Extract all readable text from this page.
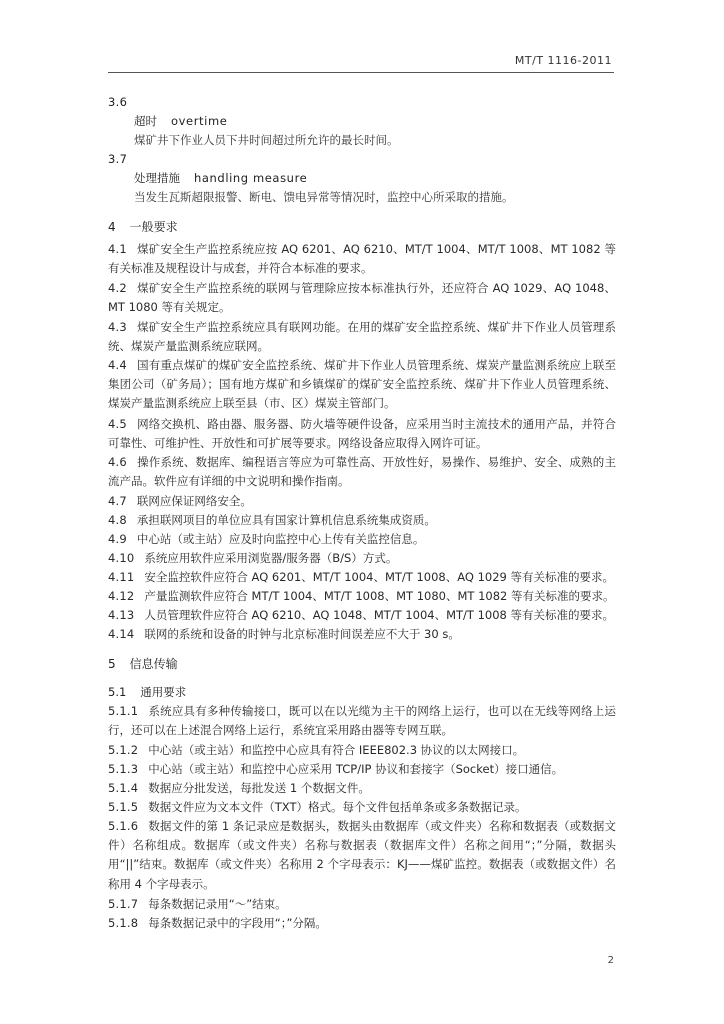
MT/T 1116-2011
3.6
超时 overtime
煤矿井下作业人员下井时间超过所允许的最长时间。
3.7
处理措施 handling measure
当发生瓦斯超限报警、断电、馈电异常等情况时，监控中心所采取的措施。
4 一般要求
4.1 煤矿安全生产监控系统应按 AQ 6201、AQ 6210、MT/T 1004、MT/T 1008、MT 1082 等有关标准及规程设计与成套，并符合本标准的要求。
4.2 煤矿安全生产监控系统的联网与管理除应按本标准执行外，还应符合 AQ 1029、AQ 1048、MT 1080 等有关规定。
4.3 煤矿安全生产监控系统应具有联网功能。在用的煤矿安全监控系统、煤矿井下作业人员管理系统、煤炭产量监测系统应联网。
4.4 国有重点煤矿的煤矿安全监控系统、煤矿井下作业人员管理系统、煤炭产量监测系统应上联至集团公司（矿务局）；国有地方煤矿和乡镇煤矿的煤矿安全监控系统、煤矿井下作业人员管理系统、煤炭产量监测系统应上联至县（市、区）煤炭主管部门。
4.5 网络交换机、路由器、服务器、防火墙等硬件设备，应采用当时主流技术的通用产品，并符合可靠性、可维护性、开放性和可扩展等要求。网络设备应取得入网许可证。
4.6 操作系统、数据库、编程语言等应为可靠性高、开放性好，易操作、易维护、安全、成熟的主流产品。软件应有详细的中文说明和操作指南。
4.7 联网应保证网络安全。
4.8 承担联网项目的单位应具有国家计算机信息系统集成资质。
4.9 中心站（或主站）应及时向监控中心上传有关监控信息。
4.10 系统应用软件应采用浏览器/服务器（B/S）方式。
4.11 安全监控软件应符合 AQ 6201、MT/T 1004、MT/T 1008、AQ 1029 等有关标准的要求。
4.12 产量监测软件应符合 MT/T 1004、MT/T 1008、MT 1080、MT 1082 等有关标准的要求。
4.13 人员管理软件应符合 AQ 6210、AQ 1048、MT/T 1004、MT/T 1008 等有关标准的要求。
4.14 联网的系统和设备的时钟与北京标准时间误差应不大于 30 s。
5 信息传输
5.1 通用要求
5.1.1 系统应具有多种传输接口，既可以在以光缆为主干的网络上运行，也可以在无线等网络上运行，还可以在上述混合网络上运行，系统宜采用路由器等专网互联。
5.1.2 中心站（或主站）和监控中心应具有符合 IEEE802.3 协议的以太网接口。
5.1.3 中心站（或主站）和监控中心应采用 TCP/IP 协议和套接字（Socket）接口通信。
5.1.4 数据应分批发送，每批发送 1 个数据文件。
5.1.5 数据文件应为文本文件（TXT）格式。每个文件包括单条或多条数据记录。
5.1.6 数据文件的第 1 条记录应是数据头，数据头由数据库（或文件夹）名称和数据表（或数据文件）名称组成。数据库（或文件夹）名称与数据表（数据库文件）名称之间用“；”分隔，数据头用“||”结束。数据库（或文件夹）名称用 2 个字母表示：KJ——煤矿监控。数据表（或数据文件）名称用 4 个字母表示。
5.1.7 每条数据记录用“～”结束。
5.1.8 每条数据记录中的字段用“；”分隔。
2
